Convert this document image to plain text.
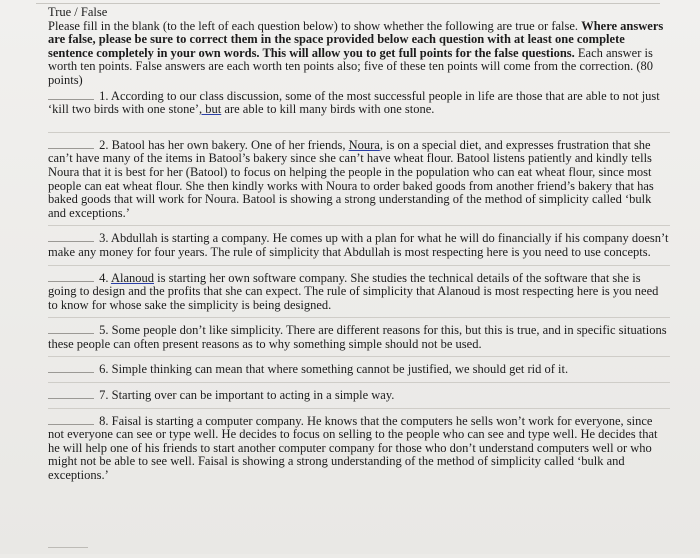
True / False
Please fill in the blank (to the left of each question below) to show whether the following are true or false. Where answers are false, please be sure to correct them in the space provided below each question with at least one complete sentence completely in your own words. This will allow you to get full points for the false questions. Each answer is worth ten points. False answers are each worth ten points also; five of these ten points will come from the correction. (80 points)

1. According to our class discussion, some of the most successful people in life are those that are able to not just ‘kill two birds with one stone’, but are able to kill many birds with one stone.

2. Batool has her own bakery. One of her friends, Noura, is on a special diet, and expresses frustration that she can’t have many of the items in Batool’s bakery since she can’t have wheat flour. Batool listens patiently and kindly tells Noura that it is best for her (Batool) to focus on helping the people in the population who can eat wheat flour, since most people can eat wheat flour. She then kindly works with Noura to order baked goods from another friend’s bakery that has baked goods that will work for Noura. Batool is showing a strong understanding of the method of simplicity called ‘bulk and exceptions.’

3. Abdullah is starting a company. He comes up with a plan for what he will do financially if his company doesn’t make any money for four years. The rule of simplicity that Abdullah is most respecting here is you need to use concepts.

4. Alanoud is starting her own software company. She studies the technical details of the software that she is going to design and the profits that she can expect. The rule of simplicity that Alanoud is most respecting here is you need to know for whose sake the simplicity is being designed.

5. Some people don’t like simplicity. There are different reasons for this, but this is true, and in specific situations these people can often present reasons as to why something simple should not be used.

6. Simple thinking can mean that where something cannot be justified, we should get rid of it.

7. Starting over can be important to acting in a simple way.

8. Faisal is starting a computer company. He knows that the computers he sells won’t work for everyone, since not everyone can see or type well. He decides to focus on selling to the people who can see and type well. He decides that he will help one of his friends to start another computer company for those who don’t understand computers well or who might not be able to see well. Faisal is showing a strong understanding of the method of simplicity called ‘bulk and exceptions.’
